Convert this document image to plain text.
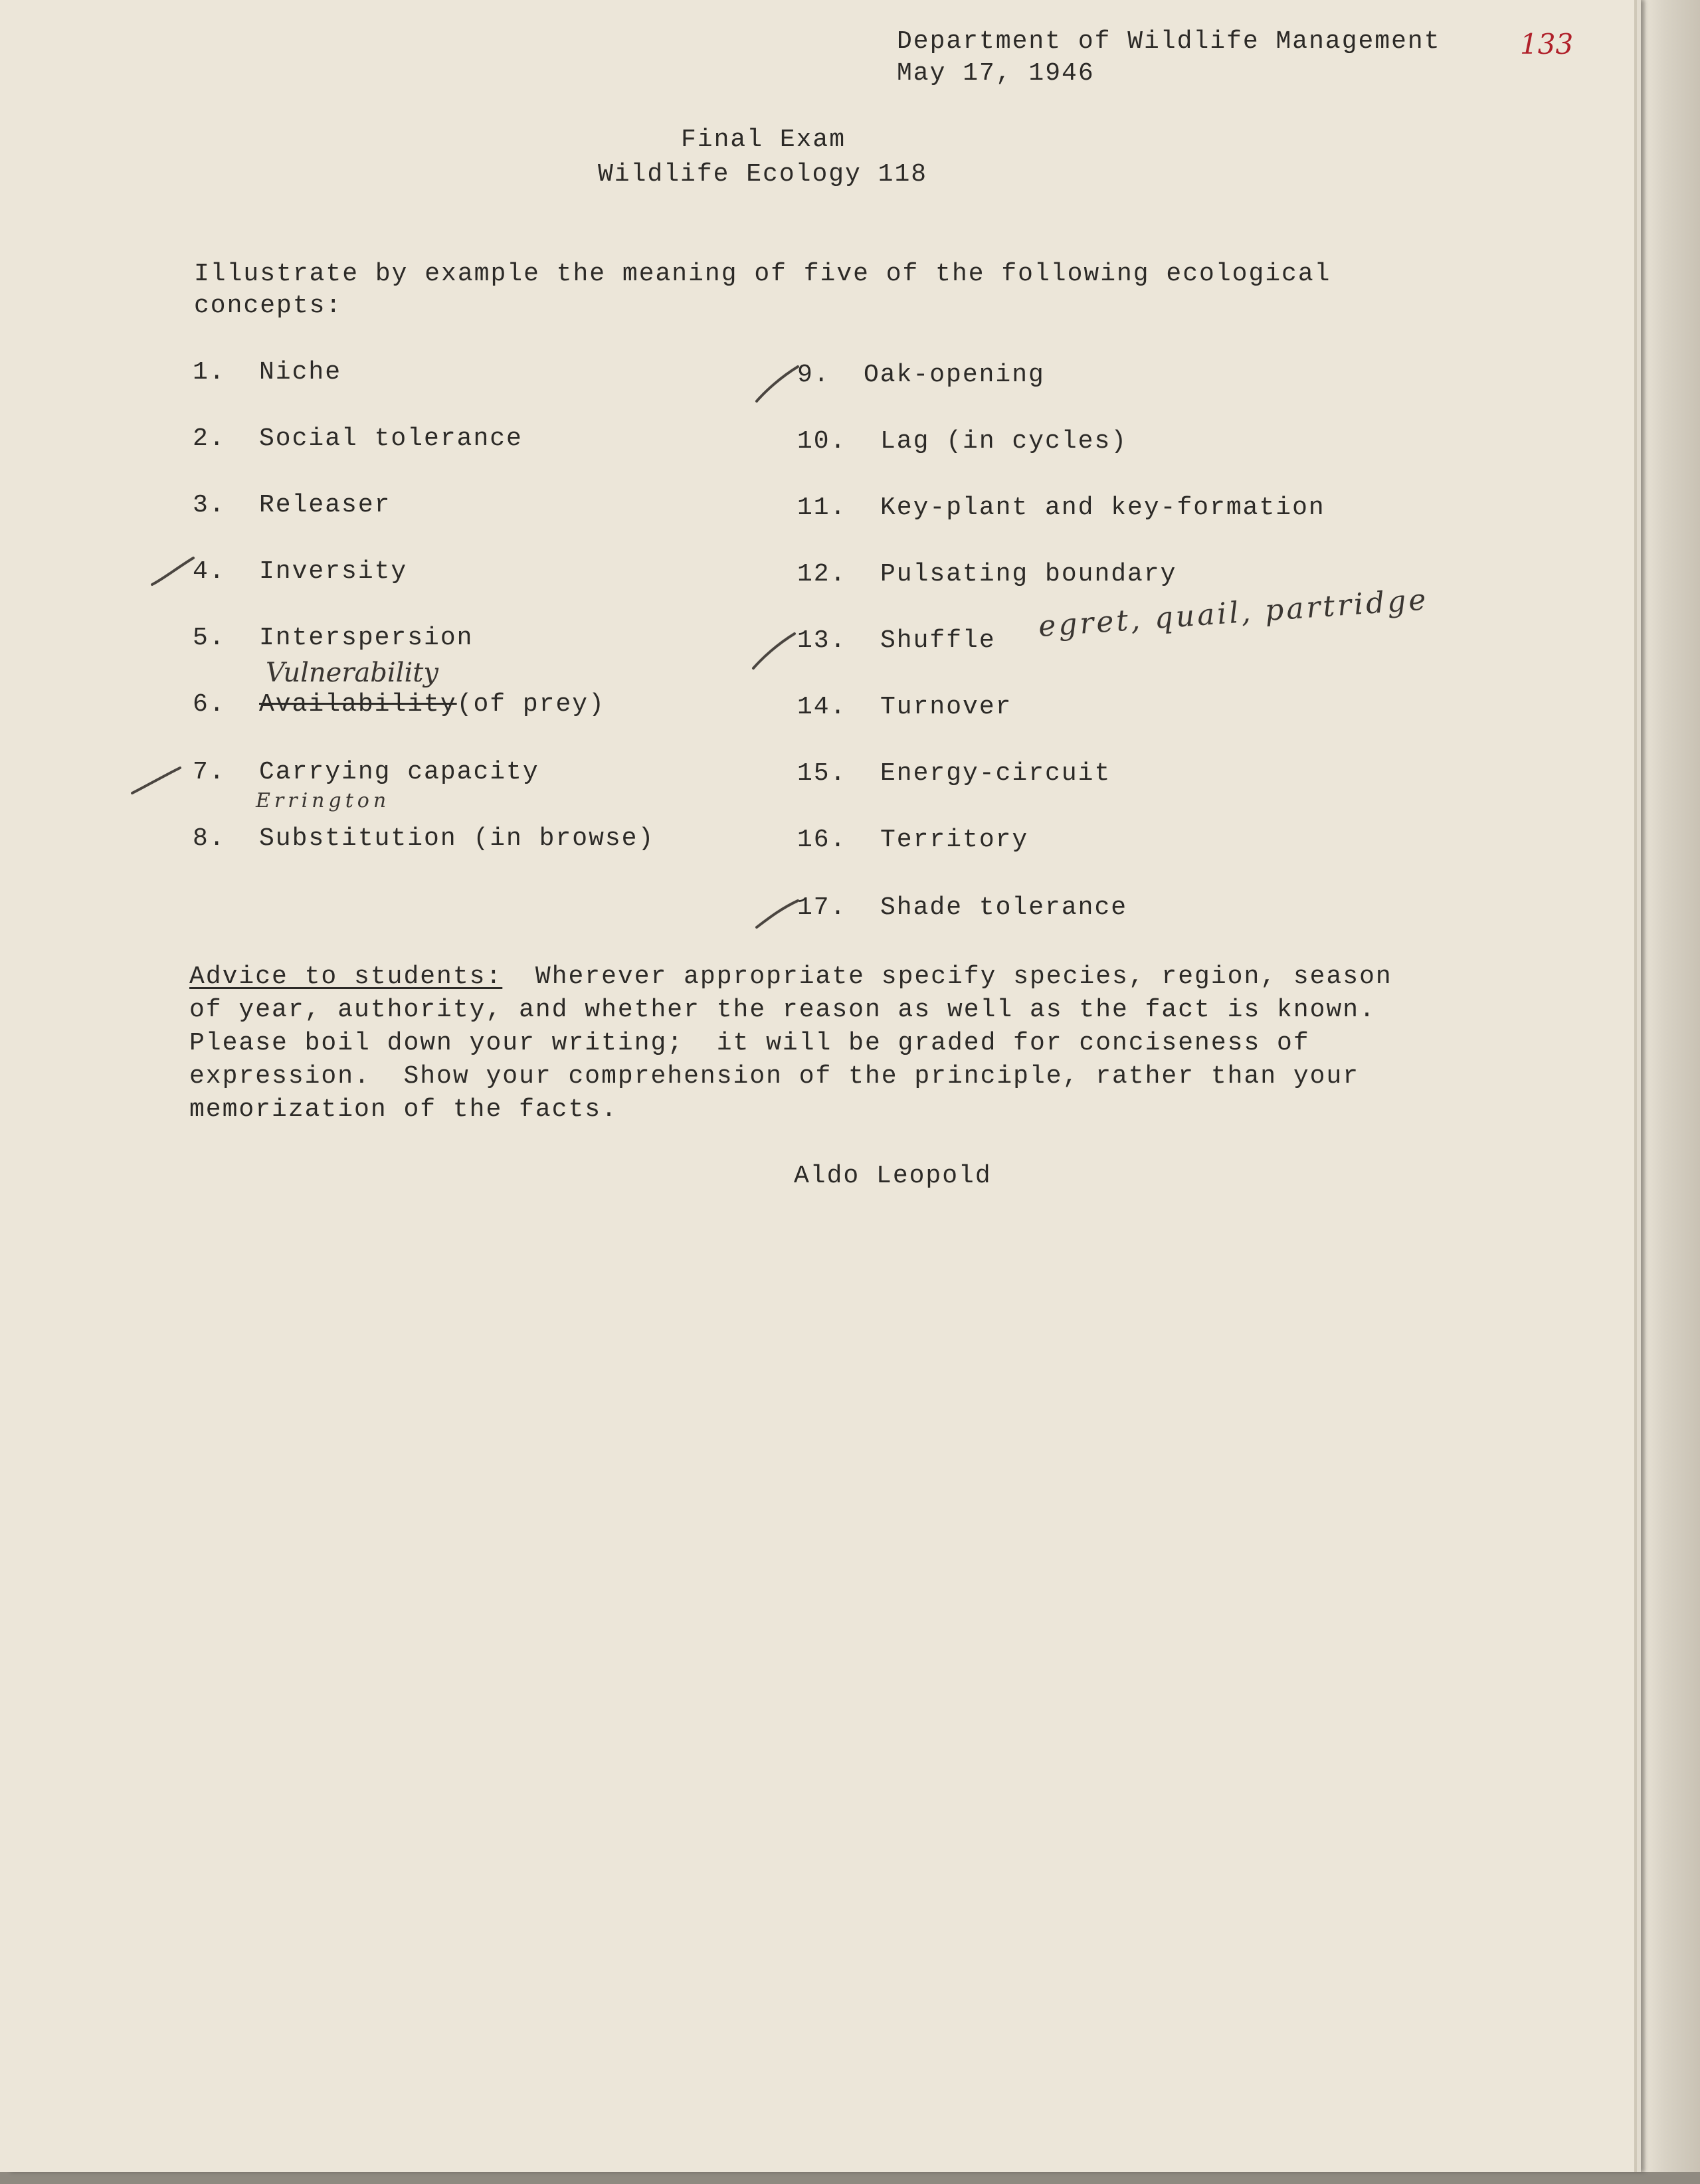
Department of Wildlife Management
May 17, 1946
133
Final Exam
Wildlife Ecology 118
Illustrate by example the meaning of five of the following ecological
concepts:
1. Niche
2. Social tolerance
3. Releaser
4. Inversity
5. Interspersion
Vulnerability
6. Availability(of prey)
7. Carrying capacity
Errington
8. Substitution (in browse)
9. Oak-opening
10. Lag (in cycles)
11. Key-plant and key-formation
12. Pulsating boundary
13. Shuffle egret, quail, partridge
14. Turnover
15. Energy-circuit
16. Territory
17. Shade tolerance
Advice to students: Wherever appropriate specify species, region, season
of year, authority, and whether the reason as well as the fact is known.
Please boil down your writing;  it will be graded for conciseness of
expression.  Show your comprehension of the principle, rather than your
memorization of the facts.
Aldo Leopold
